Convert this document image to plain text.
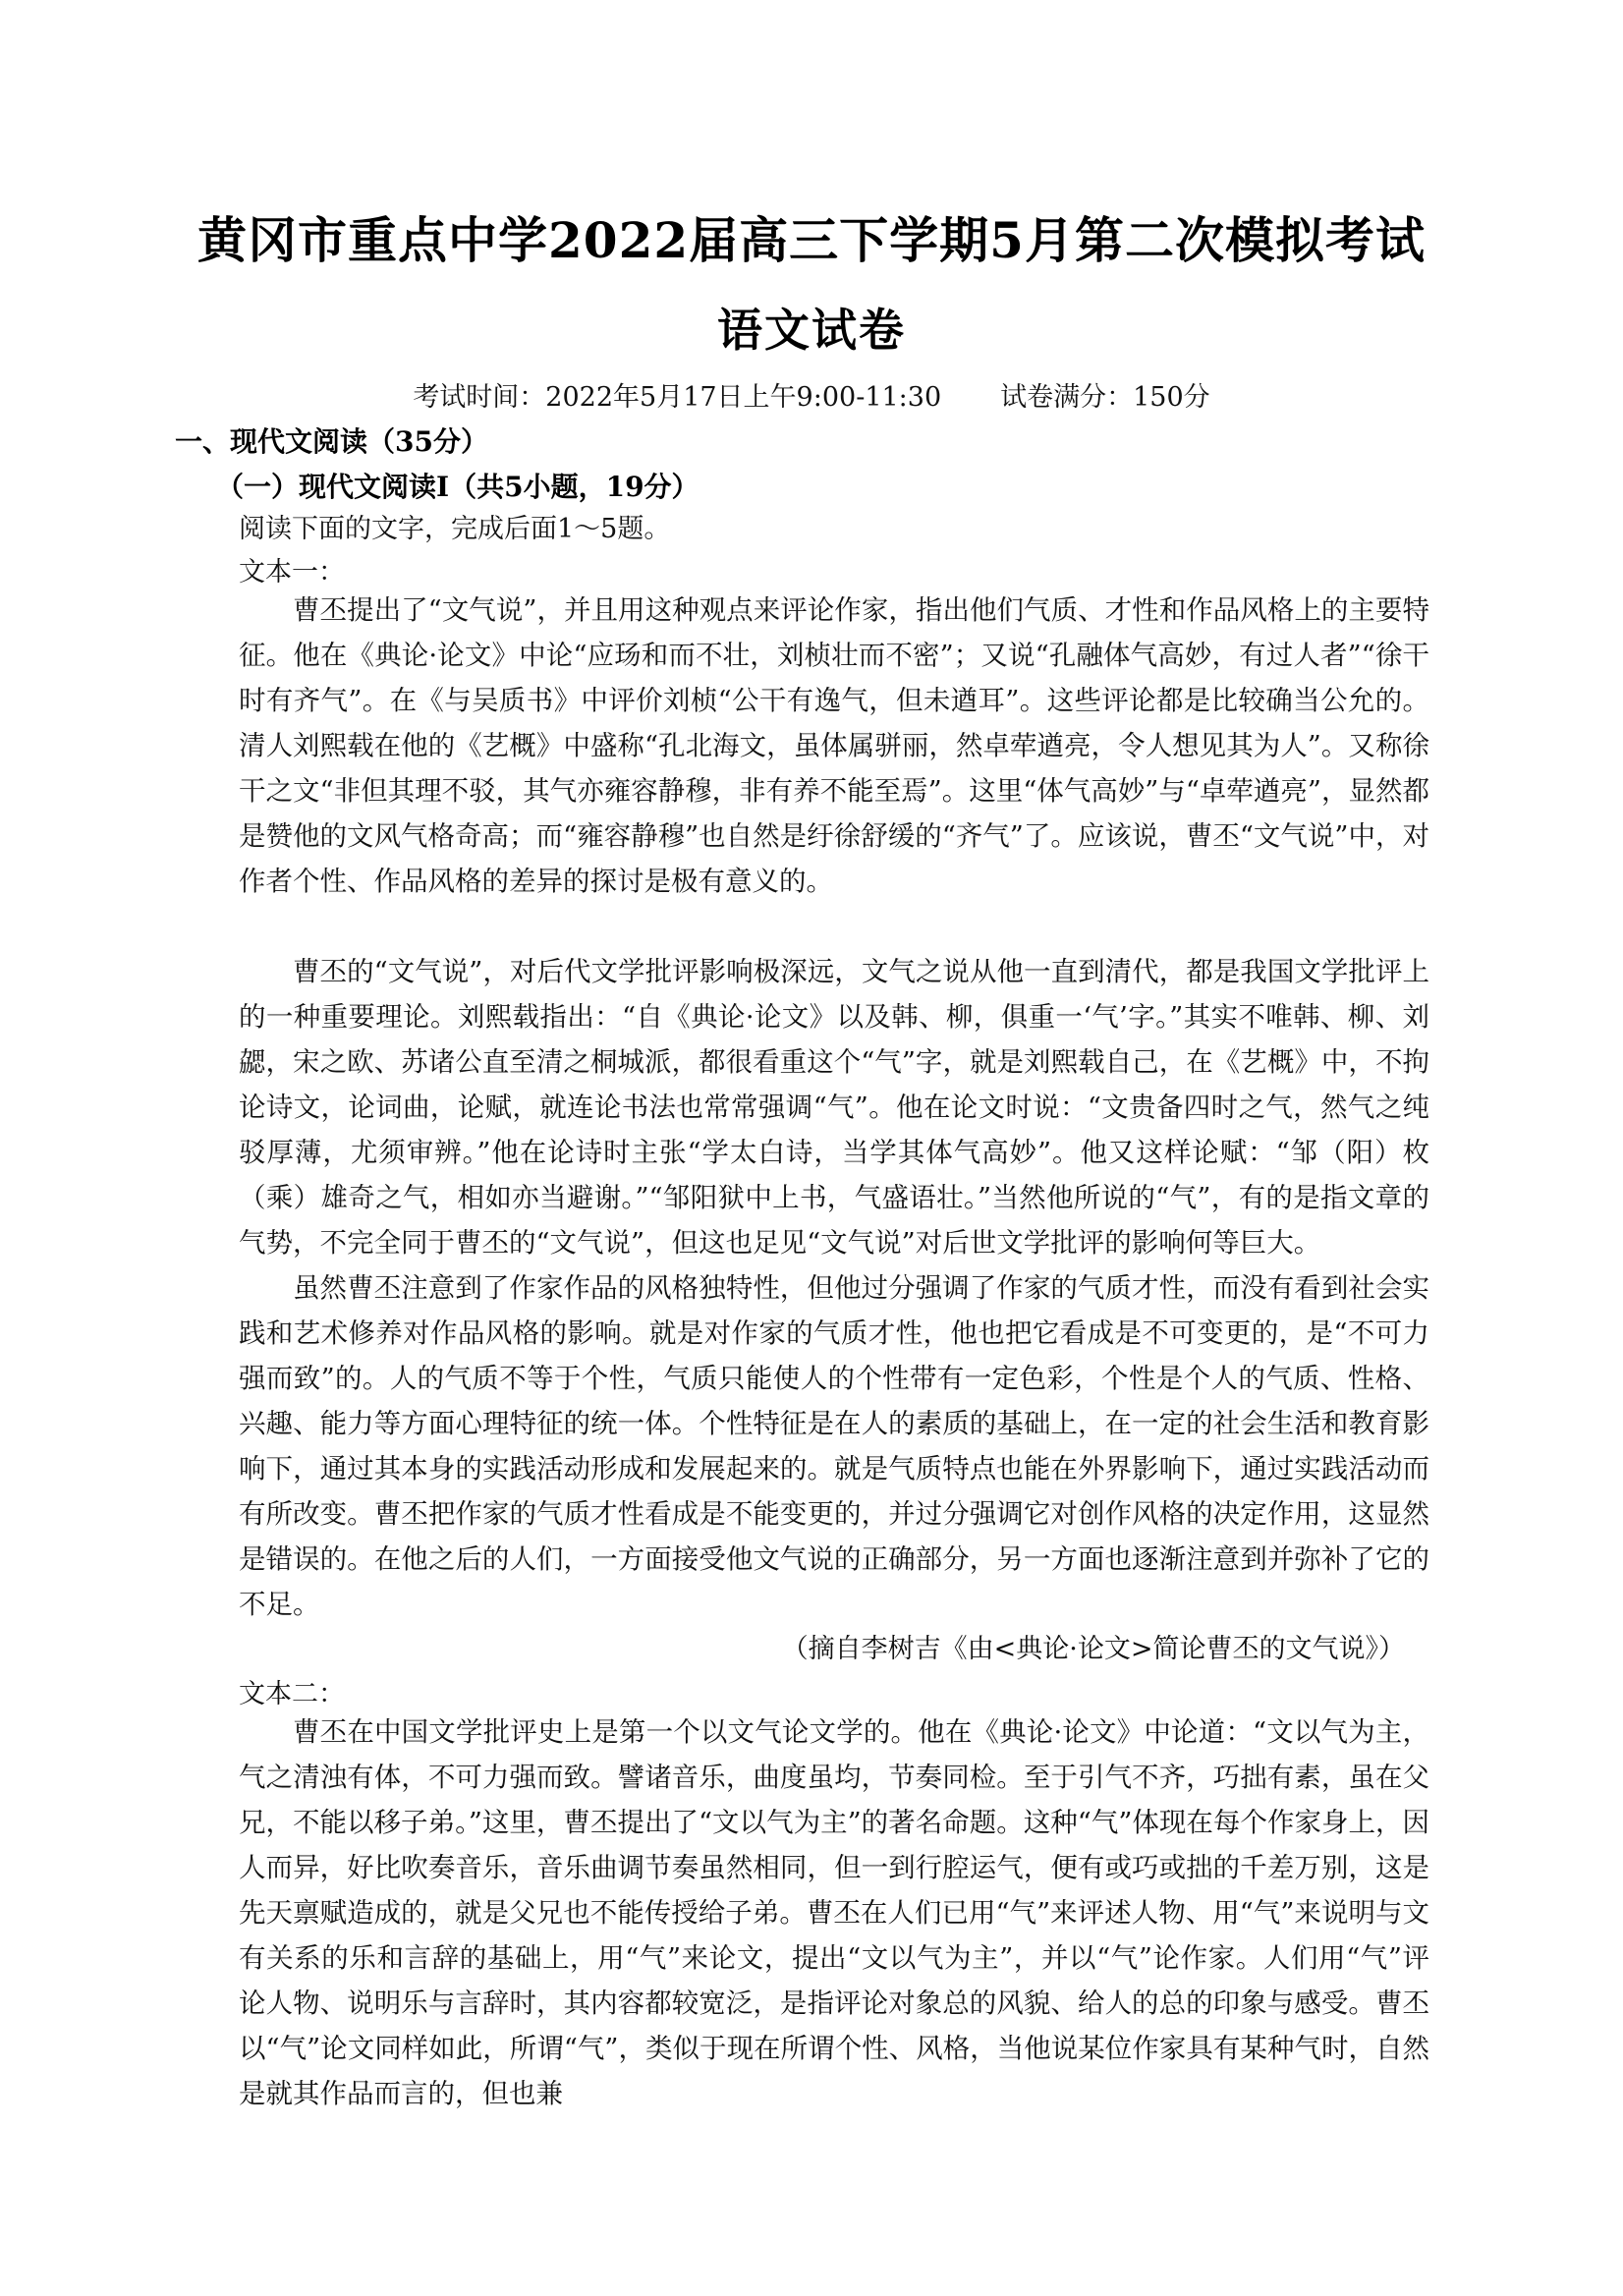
黄冈市重点中学2022届高三下学期5月第二次模拟考试
语文试卷
考试时间：2022年5月17日上午9:00-11:30 试卷满分：150分
一、现代文阅读（35分）
（一）现代文阅读Ⅰ（共5小题，19分）
阅读下面的文字，完成后面1～5题。
文本一：

曹丕提出了“文气说”，并且用这种观点来评论作家，指出他们气质、才性和作品风格上的主要特征。他在《典论·论文》中论“应玚和而不壮，刘桢壮而不密”；又说“孔融体气高妙，有过人者”“徐干时有齐气”。在《与吴质书》中评价刘桢“公干有逸气，但未遒耳”。这些评论都是比较确当公允的。清人刘熙载在他的《艺概》中盛称“孔北海文，虽体属骈丽，然卓荦遒亮，令人想见其为人”。又称徐干之文“非但其理不驳，其气亦雍容静穆，非有养不能至焉”。这里“体气高妙”与“卓荦遒亮”，显然都是赞他的文风气格奇高；而“雍容静穆”也自然是纡徐舒缓的“齐气”了。应该说，曹丕“文气说”中，对作者个性、作品风格的差异的探讨是极有意义的。

曹丕的“文气说”，对后代文学批评影响极深远，文气之说从他一直到清代，都是我国文学批评上的一种重要理论。刘熙载指出：“自《典论·论文》以及韩、柳，俱重一‘气’字。”其实不唯韩、柳、刘勰，宋之欧、苏诸公直至清之桐城派，都很看重这个“气”字，就是刘熙载自己，在《艺概》中，不拘论诗文，论词曲，论赋，就连论书法也常常强调“气”。他在论文时说：“文贵备四时之气，然气之纯驳厚薄，尤须审辨。”他在论诗时主张“学太白诗，当学其体气高妙”。他又这样论赋：“邹（阳）枚（乘）雄奇之气，相如亦当避谢。”“邹阳狱中上书，气盛语壮。”当然他所说的“气”，有的是指文章的气势，不完全同于曹丕的“文气说”，但这也足见“文气说”对后世文学批评的影响何等巨大。

虽然曹丕注意到了作家作品的风格独特性，但他过分强调了作家的气质才性，而没有看到社会实践和艺术修养对作品风格的影响。就是对作家的气质才性，他也把它看成是不可变更的，是“不可力强而致”的。人的气质不等于个性，气质只能使人的个性带有一定色彩，个性是个人的气质、性格、兴趣、能力等方面心理特征的统一体。个性特征是在人的素质的基础上，在一定的社会生活和教育影响下，通过其本身的实践活动形成和发展起来的。就是气质特点也能在外界影响下，通过实践活动而有所改变。曹丕把作家的气质才性看成是不能变更的，并过分强调它对创作风格的决定作用，这显然是错误的。在他之后的人们，一方面接受他文气说的正确部分，另一方面也逐渐注意到并弥补了它的不足。

（摘自李树吉《由<典论·论文>简论曹丕的文气说》）
文本二：

曹丕在中国文学批评史上是第一个以文气论文学的。他在《典论·论文》中论道：“文以气为主，气之清浊有体，不可力强而致。譬诸音乐，曲度虽均，节奏同检。至于引气不齐，巧拙有素，虽在父兄，不能以移子弟。”这里，曹丕提出了“文以气为主”的著名命题。这种“气”体现在每个作家身上，因人而异，好比吹奏音乐，音乐曲调节奏虽然相同，但一到行腔运气，便有或巧或拙的千差万别，这是先天禀赋造成的，就是父兄也不能传授给子弟。曹丕在人们已用“气”来评述人物、用“气”来说明与文有关系的乐和言辞的基础上，用“气”来论文，提出“文以气为主”，并以“气”论作家。人们用“气”评论人物、说明乐与言辞时，其内容都较宽泛，是指评论对象总的风貌、给人的总的印象与感受。曹丕以“气”论文同样如此，所谓“气”，类似于现在所谓个性、风格，当他说某位作家具有某种气时，自然是就其作品而言的，但也兼
